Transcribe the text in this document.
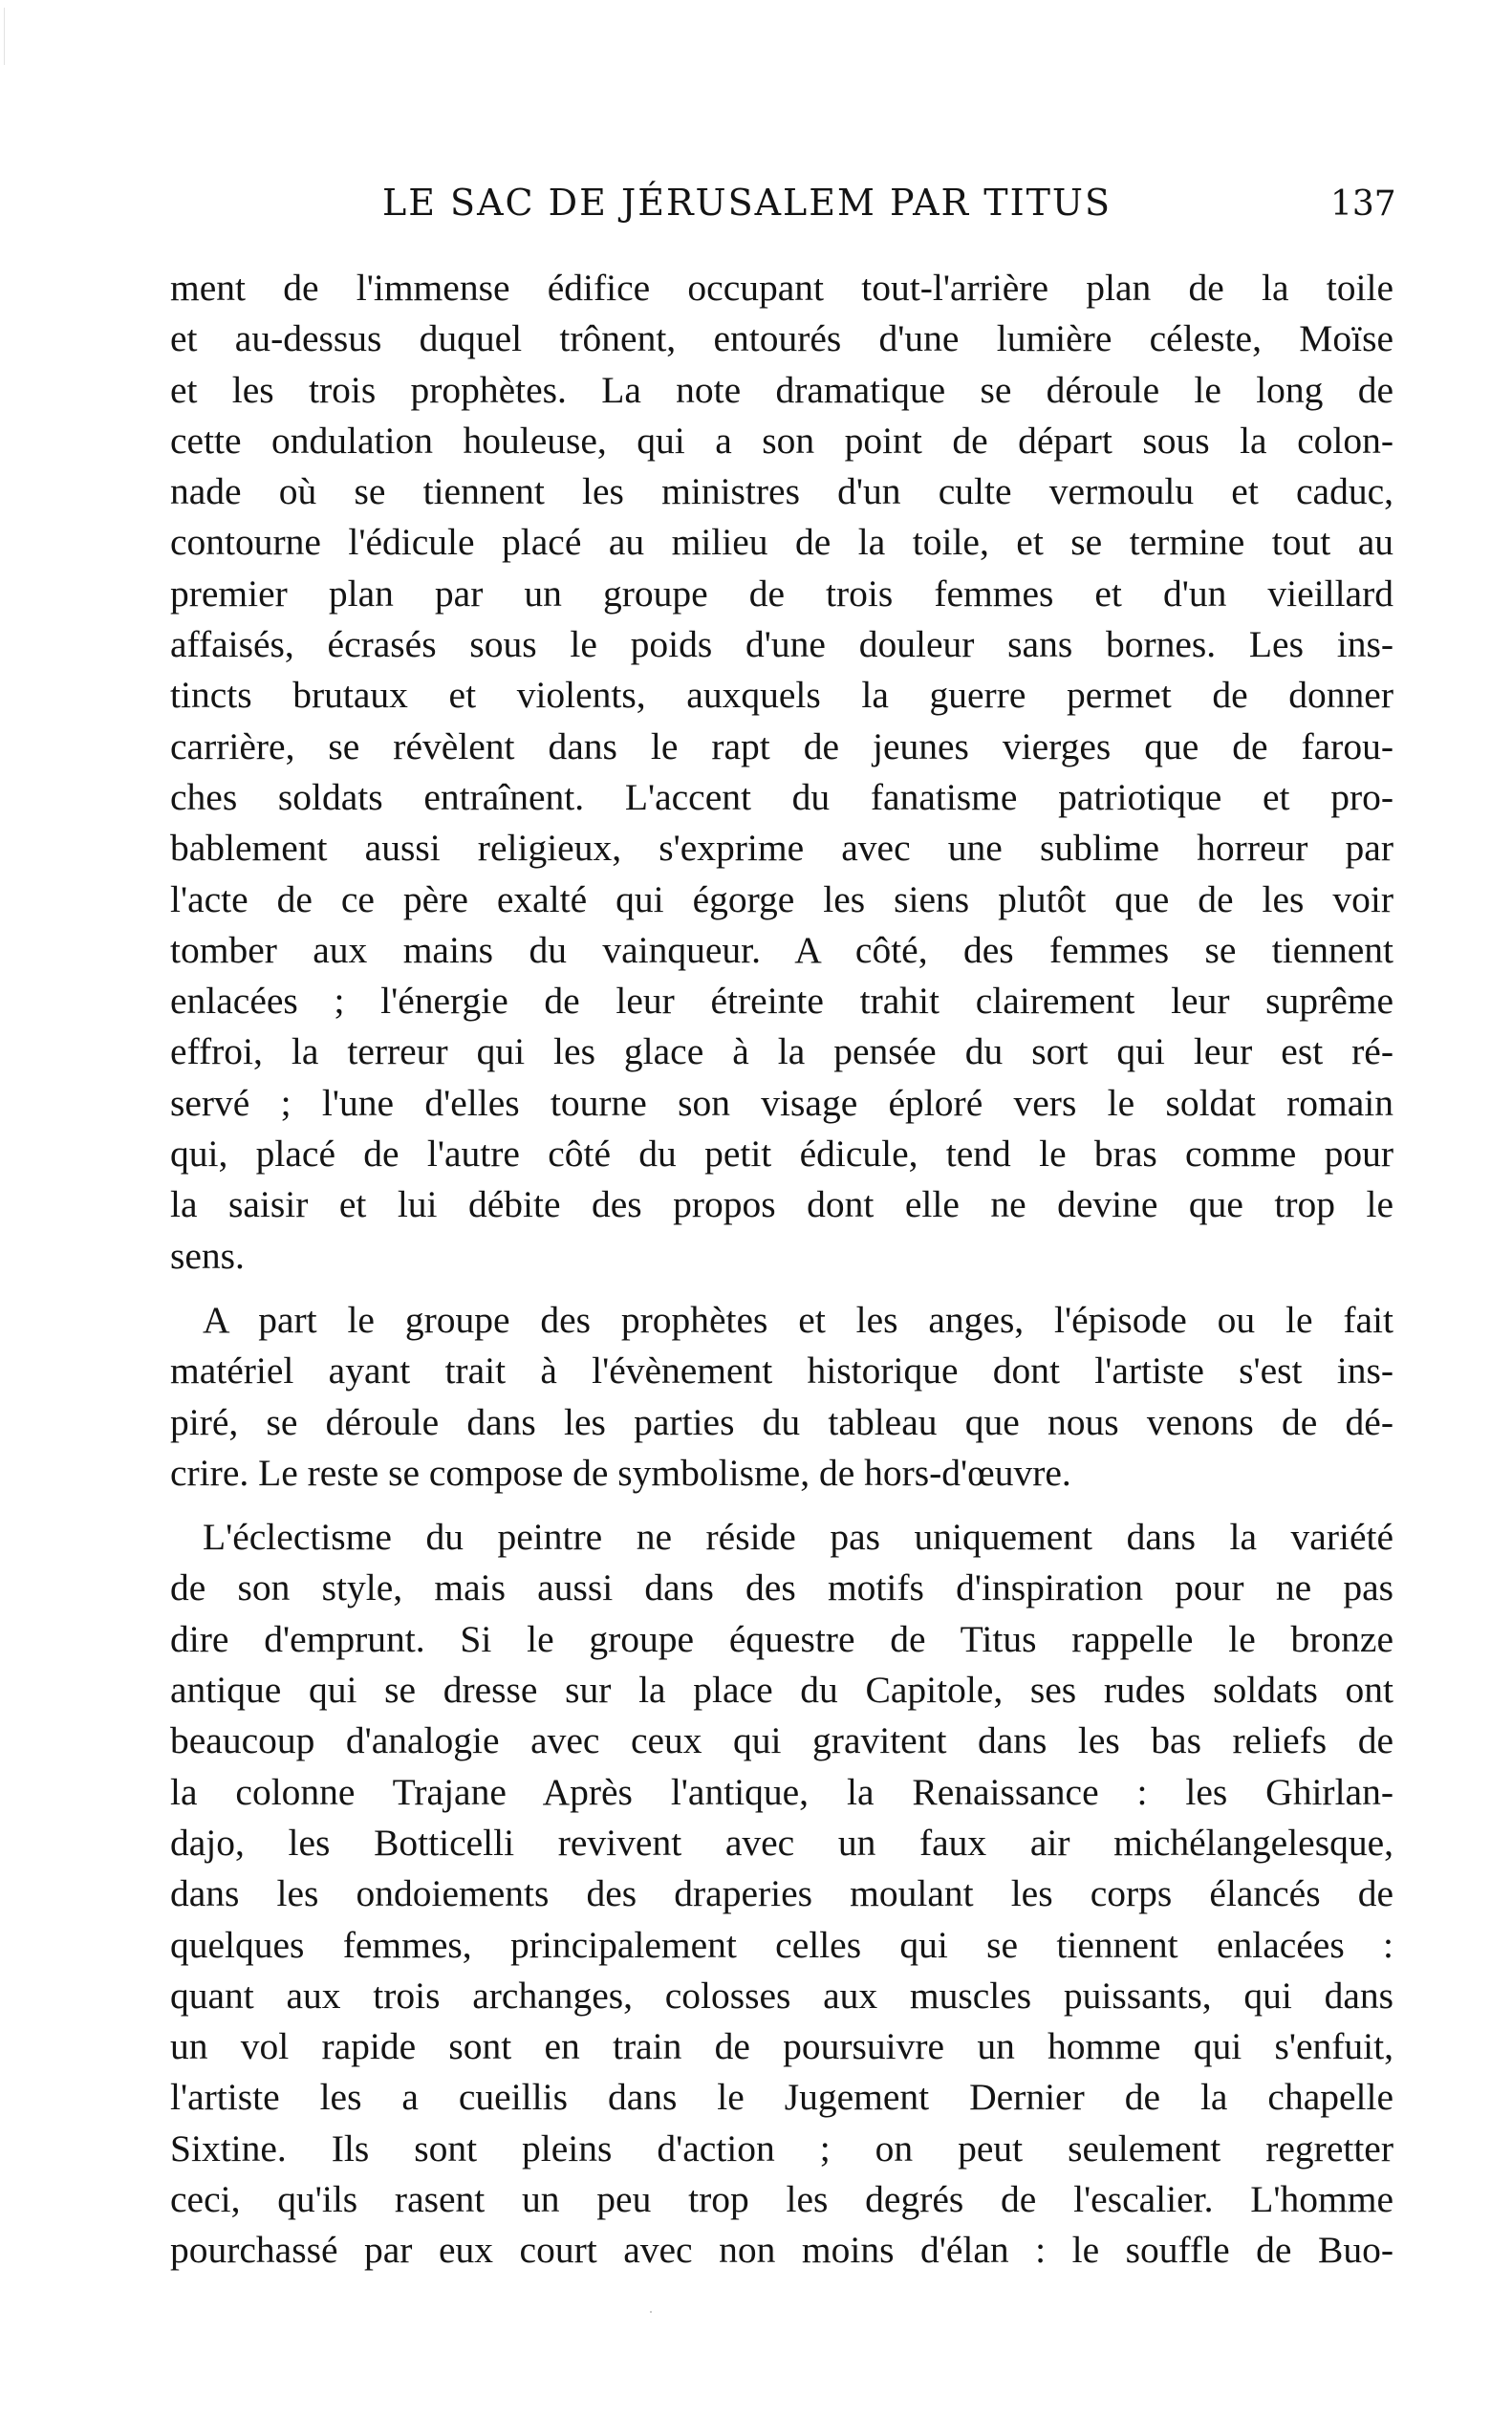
LE SAC DE JÉRUSALEM PAR TITUS	137
ment de l'immense édifice occupant tout-l'arrière plan de la toile
et au-dessus duquel trônent, entourés d'une lumière céleste, Moïse
et les trois prophètes. La note dramatique se déroule le long de
cette ondulation houleuse, qui a son point de départ sous la colon-
nade où se tiennent les ministres d'un culte vermoulu et caduc,
contourne l'édicule placé au milieu de la toile, et se termine tout au
premier plan par un groupe de trois femmes et d'un vieillard
affaisés, écrasés sous le poids d'une douleur sans bornes. Les ins-
tincts brutaux et violents, auxquels la guerre permet de donner
carrière, se révèlent dans le rapt de jeunes vierges que de farou-
ches soldats entraînent. L'accent du fanatisme patriotique et pro-
bablement aussi religieux, s'exprime avec une sublime horreur par
l'acte de ce père exalté qui égorge les siens plutôt que de les voir
tomber aux mains du vainqueur. A côté, des femmes se tiennent
enlacées ; l'énergie de leur étreinte trahit clairement leur suprême
effroi, la terreur qui les glace à la pensée du sort qui leur est ré-
servé ; l'une d'elles tourne son visage éploré vers le soldat romain
qui, placé de l'autre côté du petit édicule, tend le bras comme pour
la saisir et lui débite des propos dont elle ne devine que trop le
sens.
A part le groupe des prophètes et les anges, l'épisode ou le fait
matériel ayant trait à l'évènement historique dont l'artiste s'est ins-
piré, se déroule dans les parties du tableau que nous venons de dé-
crire. Le reste se compose de symbolisme, de hors-d'œuvre.
L'éclectisme du peintre ne réside pas uniquement dans la variété
de son style, mais aussi dans des motifs d'inspiration pour ne pas
dire d'emprunt. Si le groupe équestre de Titus rappelle le bronze
antique qui se dresse sur la place du Capitole, ses rudes soldats ont
beaucoup d'analogie avec ceux qui gravitent dans les bas reliefs de
la colonne Trajane Après l'antique, la Renaissance : les Ghirlan-
dajo, les Botticelli revivent avec un faux air michélangelesque,
dans les ondoiements des draperies moulant les corps élancés de
quelques femmes, principalement celles qui se tiennent enlacées :
quant aux trois archanges, colosses aux muscles puissants, qui dans
un vol rapide sont en train de poursuivre un homme qui s'enfuit,
l'artiste les a cueillis dans le Jugement Dernier de la chapelle
Sixtine. Ils sont pleins d'action ; on peut seulement regretter
ceci, qu'ils rasent un peu trop les degrés de l'escalier. L'homme
pourchassé par eux court avec non moins d'élan : le souffle de Buo-
